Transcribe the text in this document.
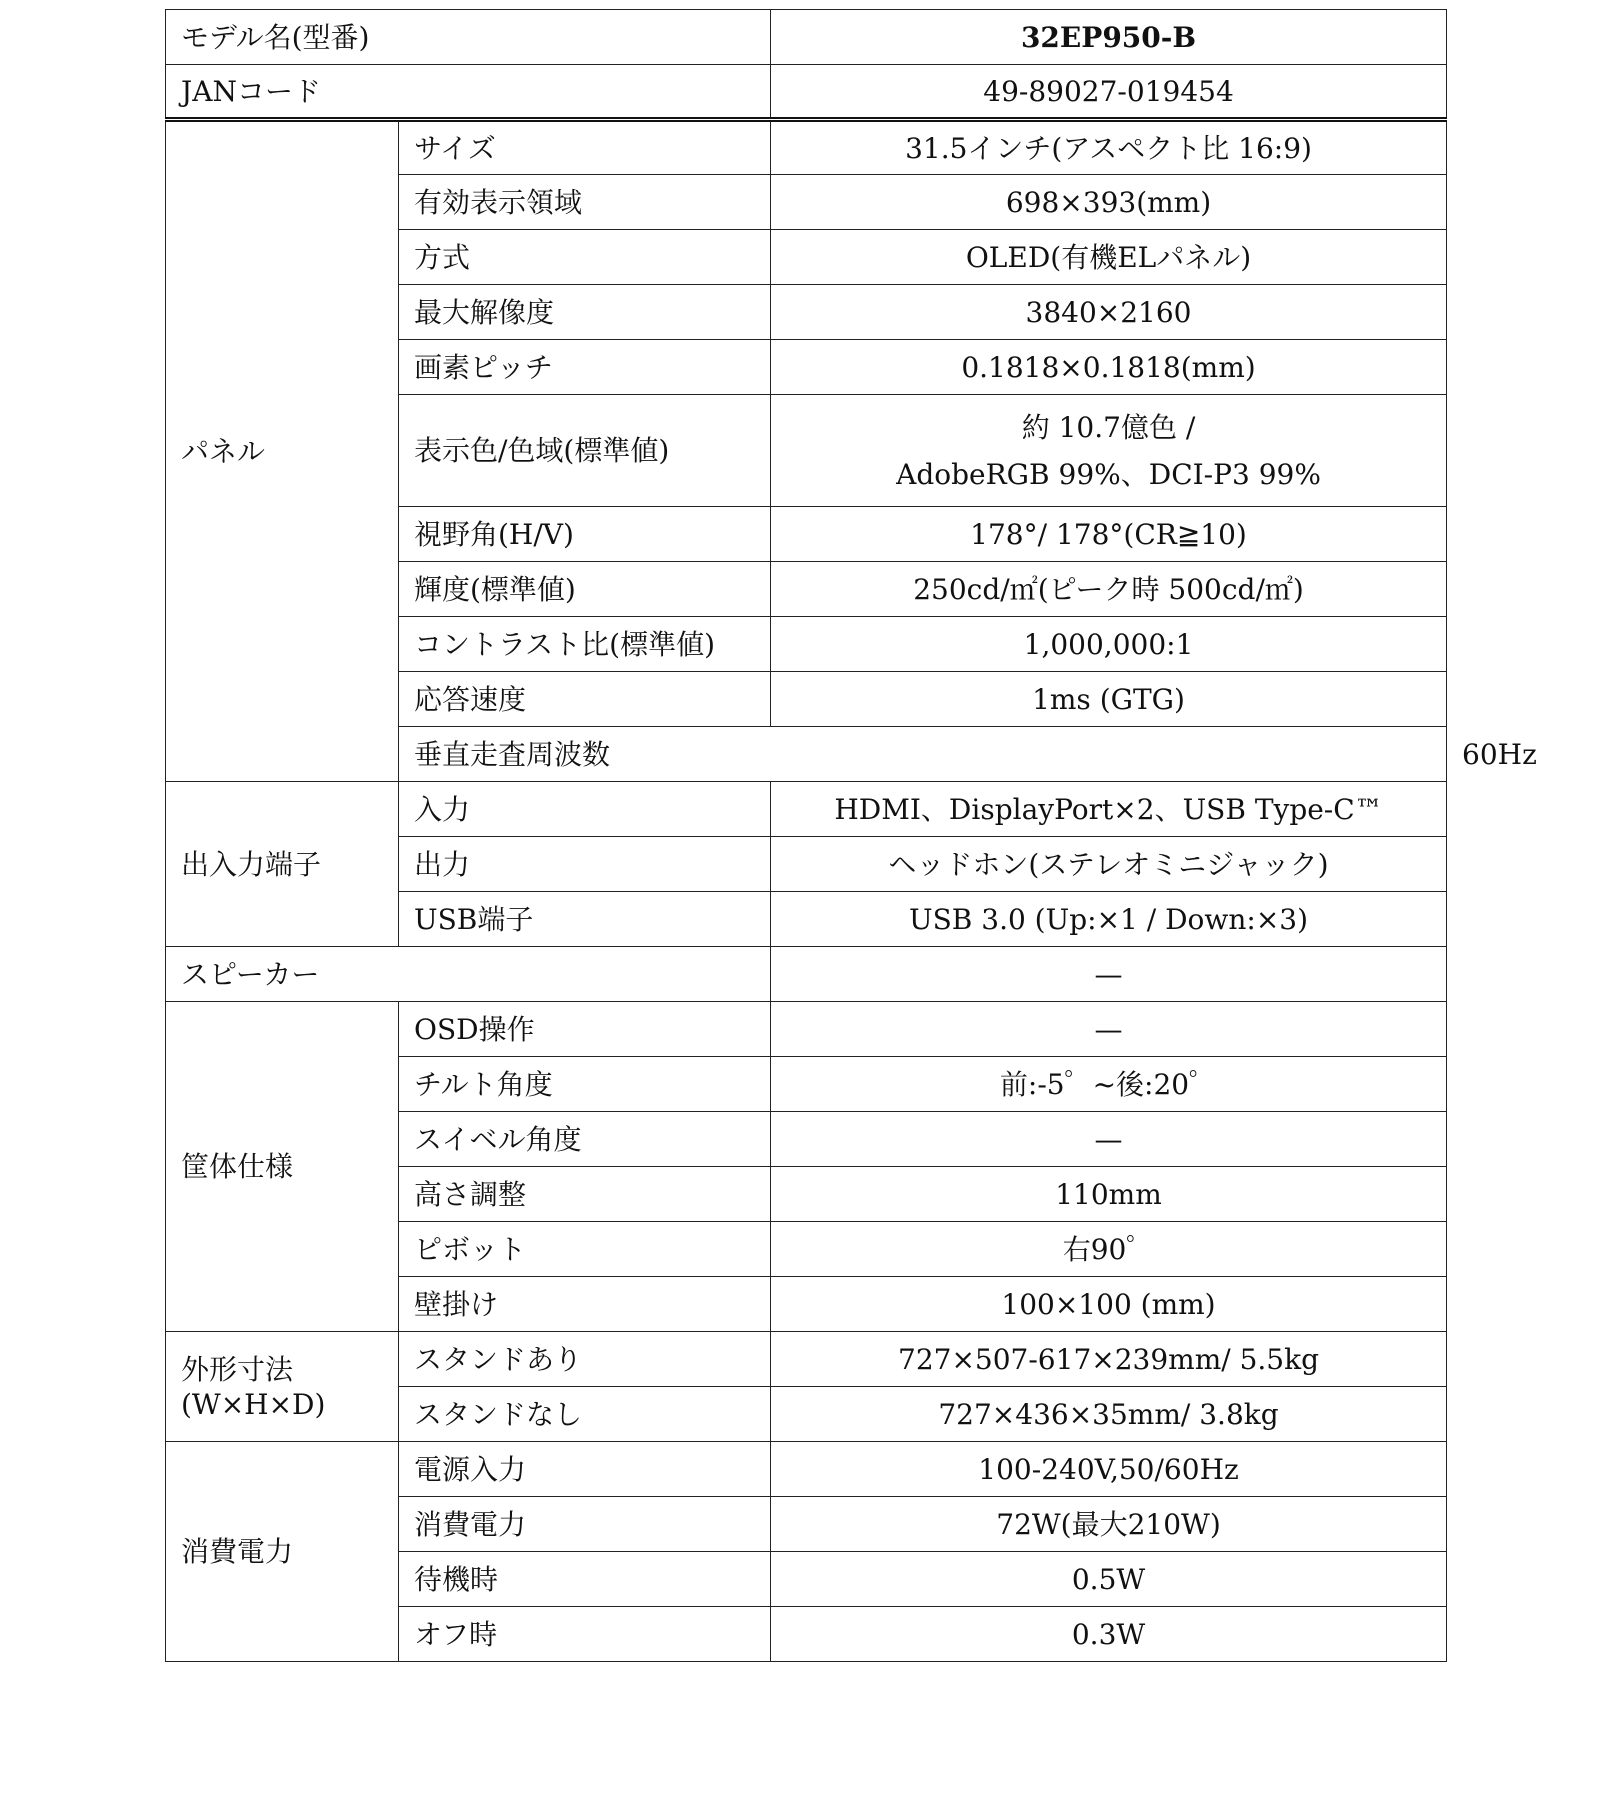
モデル名(型番)		32EP950-B	
JANコード		49-89027-019454	
パネル	サイズ	31.5インチ(アスペクト比 16:9)	
	有効表示領域	698×393(mm)	
	方式	OLED(有機ELパネル)	
	最大解像度	3840×2160	
	画素ピッチ	0.1818×0.1818(mm)	
	表示色/色域(標準値)	約 10.7億色 /
AdobeRGB 99%、DCI-P3 99%	

	視野角(H/V)	178°/ 178°(CR≧10)	
	輝度(標準値)	250cd/㎡(ピーク時 500cd/㎡)	
	コントラスト比(標準値)	1,000,000:1	
	応答速度	1ms (GTG)	
	垂直走査周波数		60Hz
出入力端子	入力	HDMI、DisplayPort×2、USB Type-C™	
	出力	ヘッドホン(ステレオミニジャック)	
	USB端子	USB 3.0 (Up:×1 / Down:×3)	
スピーカー		—	
筐体仕様	OSD操作	—	
	チルト角度	前:-5゜~後:20゜	
	スイベル角度	—	
	高さ調整	110mm	
	ピボット	右90゜	
	壁掛け	100×100 (mm)	

外形寸法
(W×H×D)	スタンドあり	727×507-617×239mm/ 5.5kg	
	スタンドなし	727×436×35mm/ 3.8kg	
消費電力	電源入力	100-240V,50/60Hz	
	消費電力	72W(最大210W)	
	待機時	0.5W	
	オフ時	0.3W	
